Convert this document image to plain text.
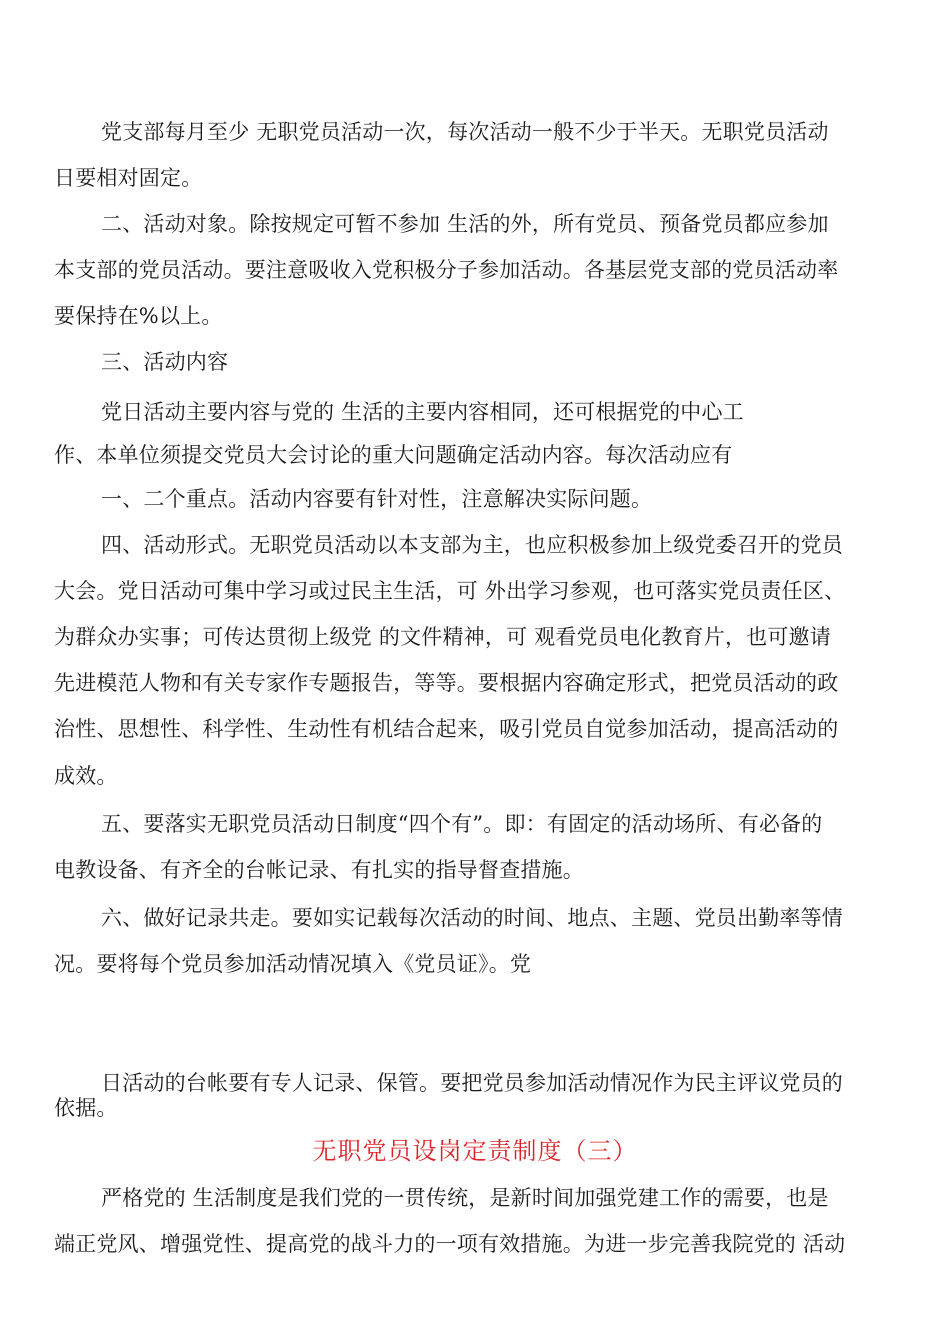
党支部每月至少 无职党员活动一次，每次活动一般不少于半天。无职党员活动
日要相对固定。
二、活动对象。除按规定可暂不参加 生活的外，所有党员、预备党员都应参加
本支部的党员活动。要注意吸收入党积极分子参加活动。各基层党支部的党员活动率
要保持在%以上。
三、活动内容
党日活动主要内容与党的 生活的主要内容相同，还可根据党的中心工
作、本单位须提交党员大会讨论的重大问题确定活动内容。每次活动应有
一、二个重点。活动内容要有针对性，注意解决实际问题。
四、活动形式。无职党员活动以本支部为主，也应积极参加上级党委召开的党员
大会。党日活动可集中学习或过民主生活，可 外出学习参观，也可落实党员责任区、
为群众办实事；可传达贯彻上级党 的文件精神，可 观看党员电化教育片，也可邀请
先进模范人物和有关专家作专题报告，等等。要根据内容确定形式，把党员活动的政
治性、思想性、科学性、生动性有机结合起来，吸引党员自觉参加活动，提高活动的
成效。
五、要落实无职党员活动日制度“四个有”。即：有固定的活动场所、有必备的
电教设备、有齐全的台帐记录、有扎实的指导督查措施。
六、做好记录共走。要如实记载每次活动的时间、地点、主题、党员出勤率等情
况。要将每个党员参加活动情况填入《党员证》。党
日活动的台帐要有专人记录、保管。要把党员参加活动情况作为民主评议党员的
依据。
无职党员设岗定责制度（三）
严格党的 生活制度是我们党的一贯传统，是新时间加强党建工作的需要，也是
端正党风、增强党性、提高党的战斗力的一项有效措施。为进一步完善我院党的 活动
